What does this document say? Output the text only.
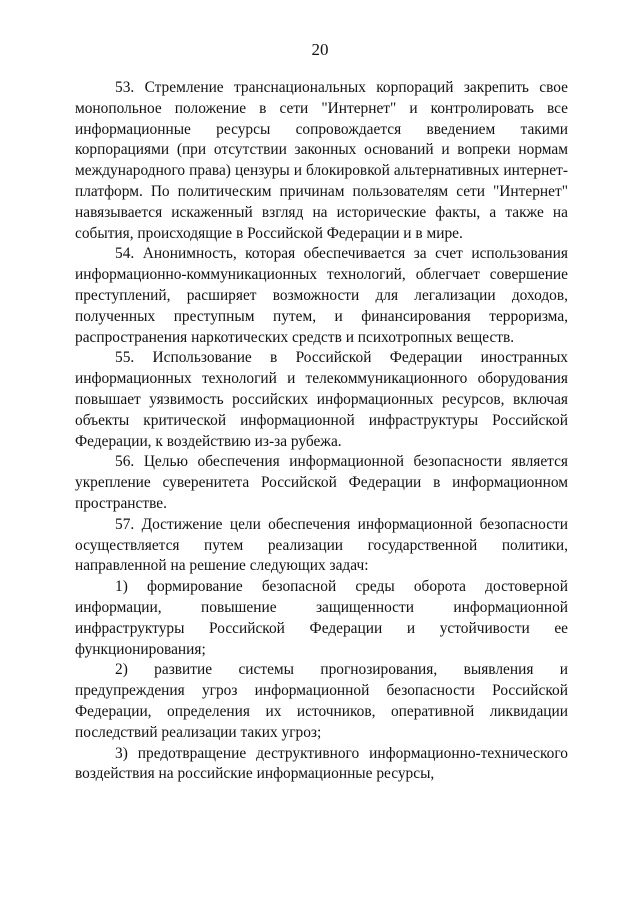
20

53. Стремление транснациональных корпораций закрепить свое монопольное положение в сети "Интернет" и контролировать все информационные ресурсы сопровождается введением такими корпорациями (при отсутствии законных оснований и вопреки нормам международного права) цензуры и блокировкой альтернативных интернет-платформ. По политическим причинам пользователям сети "Интернет" навязывается искаженный взгляд на исторические факты, а также на события, происходящие в Российской Федерации и в мире.

54. Анонимность, которая обеспечивается за счет использования информационно-коммуникационных технологий, облегчает совершение преступлений, расширяет возможности для легализации доходов, полученных преступным путем, и финансирования терроризма, распространения наркотических средств и психотропных веществ.

55. Использование в Российской Федерации иностранных информационных технологий и телекоммуникационного оборудования повышает уязвимость российских информационных ресурсов, включая объекты критической информационной инфраструктуры Российской Федерации, к воздействию из-за рубежа.

56. Целью обеспечения информационной безопасности является укрепление суверенитета Российской Федерации в информационном пространстве.

57. Достижение цели обеспечения информационной безопасности осуществляется путем реализации государственной политики, направленной на решение следующих задач:

1) формирование безопасной среды оборота достоверной информации, повышение защищенности информационной инфраструктуры Российской Федерации и устойчивости ее функционирования;

2) развитие системы прогнозирования, выявления и предупреждения угроз информационной безопасности Российской Федерации, определения их источников, оперативной ликвидации последствий реализации таких угроз;

3) предотвращение деструктивного информационно-технического воздействия на российские информационные ресурсы,
